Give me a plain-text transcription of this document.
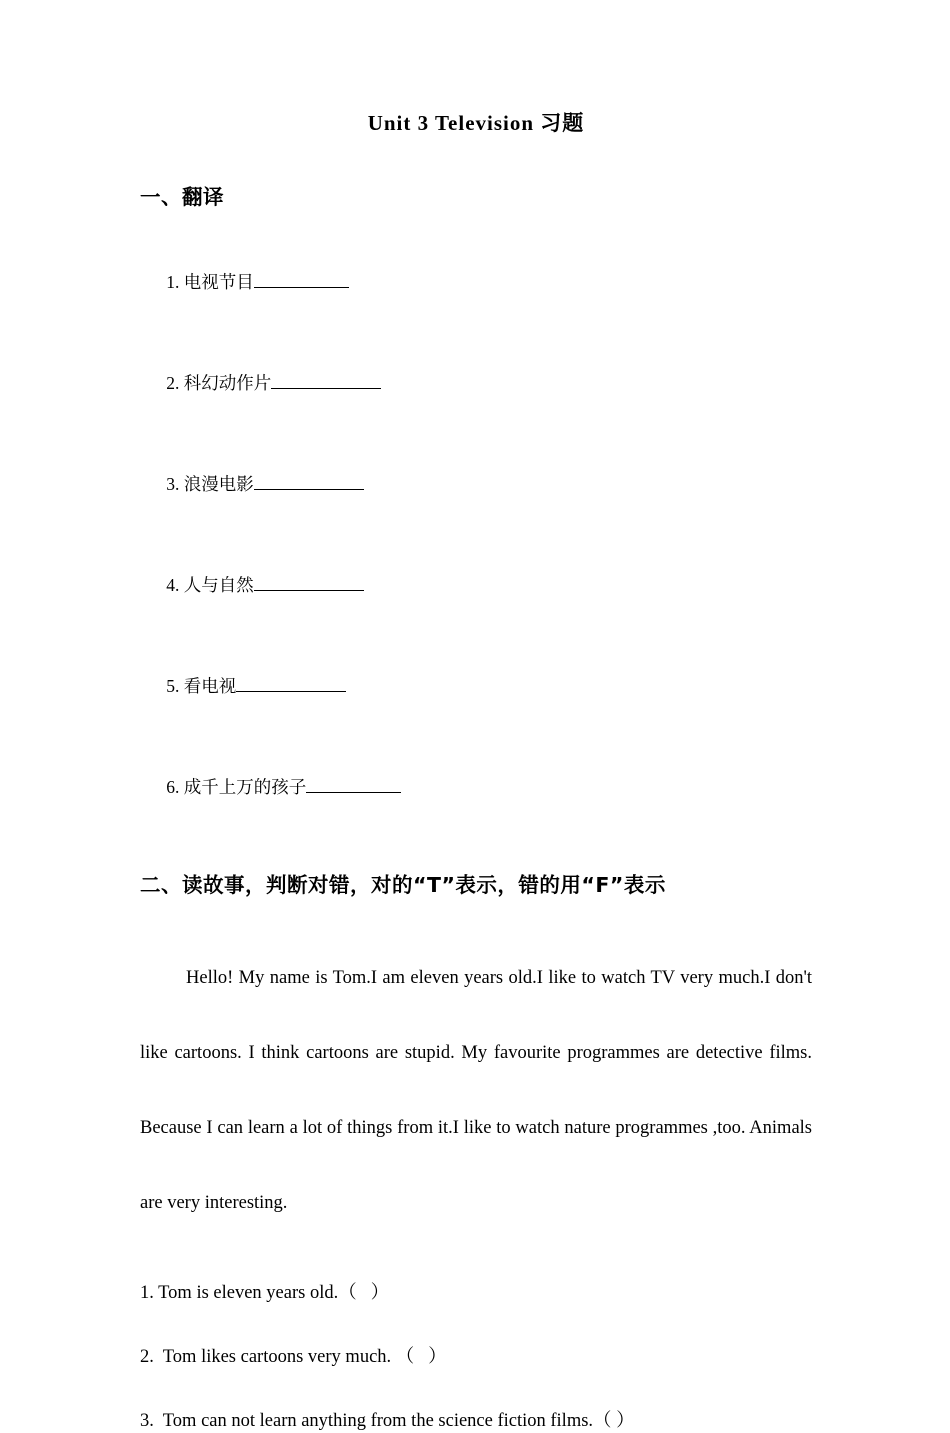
Unit 3 Television 习题
一、翻译

1. 电视节目

2. 科幻动作片

3. 浪漫电影

4. 人与自然

5. 看电视

6. 成千上万的孩子

二、读故事，判断对错，对的“T”表示，错的用“F”表示
Hello! My name is Tom.I am eleven years old.I like to watch TV very much.I don't like cartoons. I think cartoons are stupid. My favourite programmes are detective films. Because I can learn a lot of things from it.I like to watch nature programmes ,too. Animals are very interesting.
1. Tom is eleven years old.（   ）
2.  Tom likes cartoons very much. （   ）
3.  Tom can not learn anything from the science fiction films.（ ）
